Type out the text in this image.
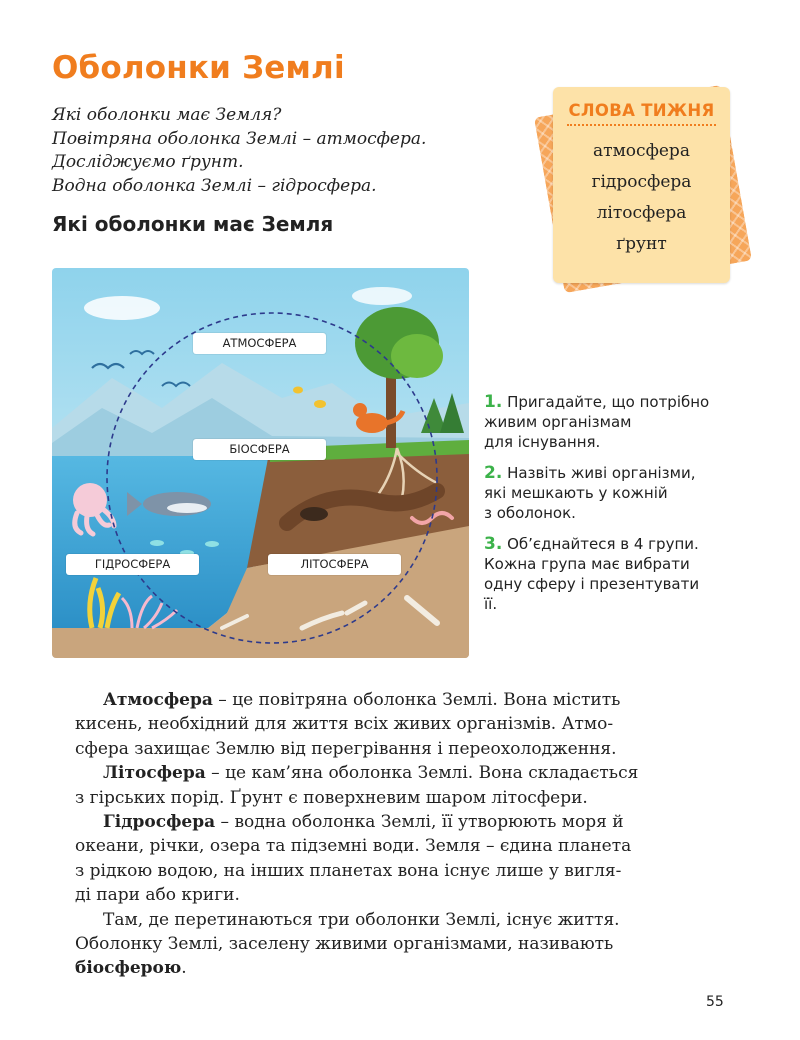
Оболонки Землі
Які оболонки має Земля?
Повітряна оболонка Землі – атмосфера.
Досліджуємо ґрунт.
Водна оболонка Землі – гідросфера.
Які оболонки має Земля
СЛОВА ТИЖНЯ
атмосфера
гідросфера
літосфера
ґрунт
АТМОСФЕРА
БІОСФЕРА
ГІДРОСФЕРА	ЛІТОСФЕРА
1. Пригадайте, що потрібно
живим організмам
для існування.
2. Назвіть живі організми,
які мешкають у кожній
з оболонок.
3. Об’єднайтеся в 4 групи.
Кожна група має вибрати
одну сферу і презентувати
її.
Атмосфера – це повітряна оболонка Землі. Вона містить
кисень, необхідний для життя всіх живих організмів. Атмо-
сфера захищає Землю від перегрівання і переохолодження.
Літосфера – це кам’яна оболонка Землі. Вона складається
з гірських порід. Ґрунт є поверхневим шаром літосфери.
Гідросфера – водна оболонка Землі, її утворюють моря й
океани, річки, озера та підземні води. Земля – єдина планета
з рідкою водою, на інших планетах вона існує лише у вигля-
ді пари або криги.
Там, де перетинаються три оболонки Землі, існує життя.
Оболонку Землі, заселену живими організмами, називають
біосферою.
55
